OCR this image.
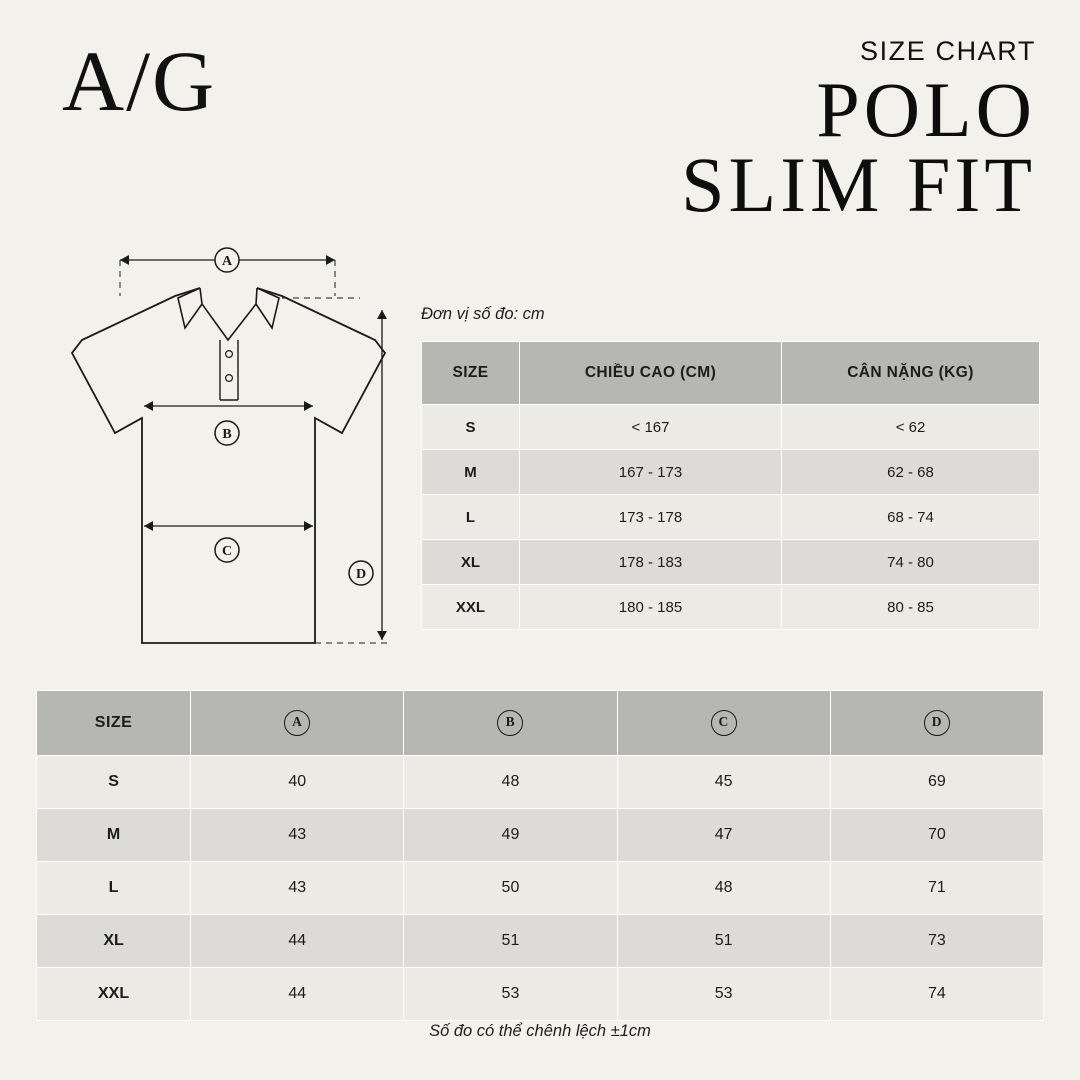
A/G	SIZE CHART
POLO
SLIM FIT
A
B
C
D
Đơn vị số đo: cm
SIZE	CHIỀU CAO (CM)	CÂN NẶNG (KG)
S	< 167	< 62
M	167 - 173	62 - 68
L	173 - 178	68 - 74
XL	178 - 183	74 - 80
XXL	180 - 185	80 - 85
SIZE	A	B	C	D
S	40	48	45	69
M	43	49	47	70
L	43	50	48	71
XL	44	51	51	73
XXL	44	53	53	74
Số đo có thể chênh lệch ±1cm
